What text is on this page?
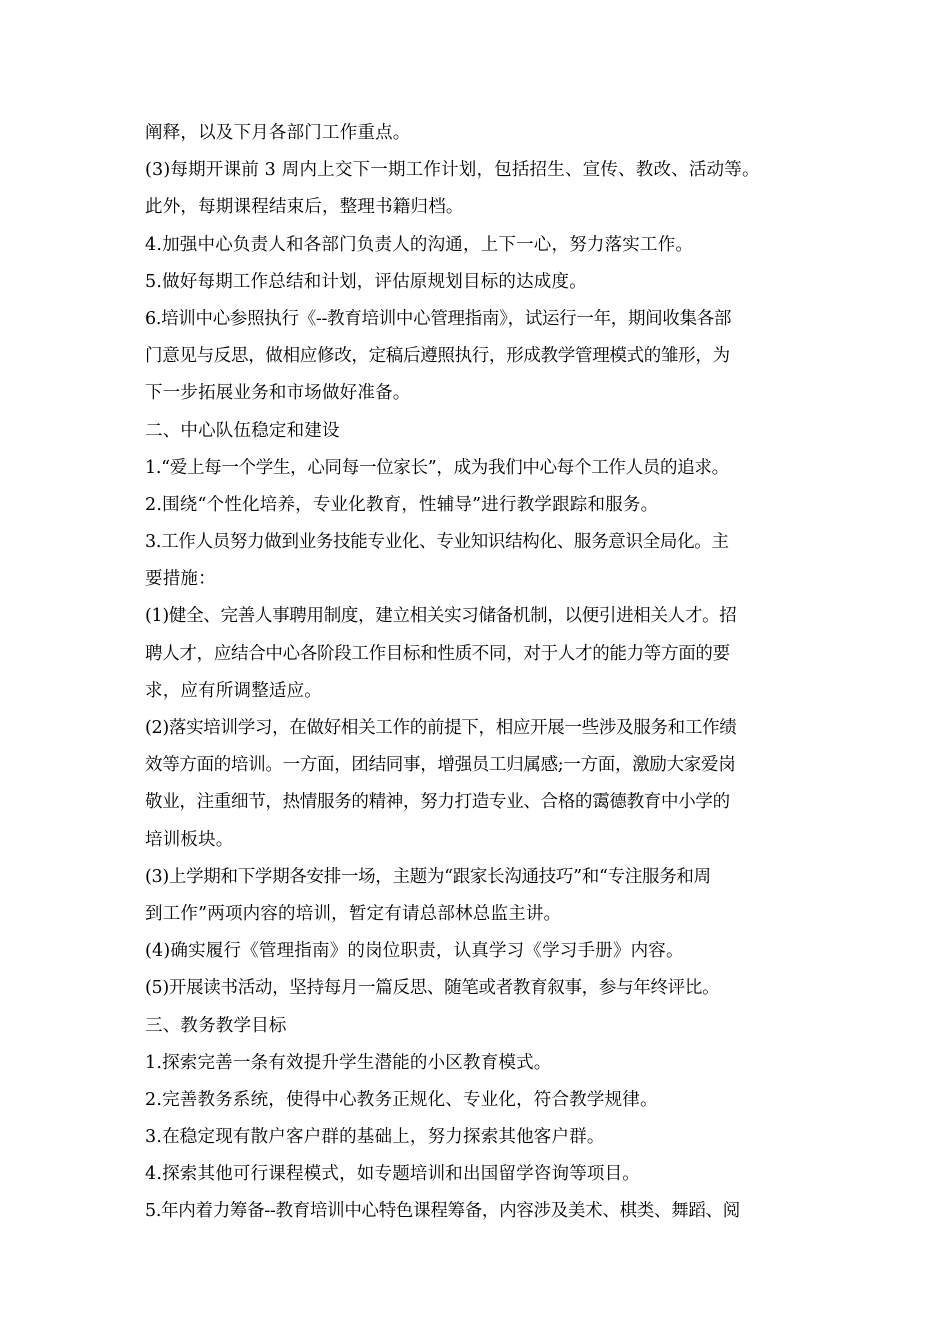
阐释，以及下月各部门工作重点。
(3)每期开课前 3 周内上交下一期工作计划，包括招生、宣传、教改、活动等。
此外，每期课程结束后，整理书籍归档。
4.加强中心负责人和各部门负责人的沟通，上下一心，努力落实工作。
5.做好每期工作总结和计划，评估原规划目标的达成度。
6.培训中心参照执行《--教育培训中心管理指南》，试运行一年，期间收集各部
门意见与反思，做相应修改，定稿后遵照执行，形成教学管理模式的雏形，为
下一步拓展业务和市场做好准备。
二、中心队伍稳定和建设
1.“爱上每一个学生，心同每一位家长”，成为我们中心每个工作人员的追求。
2.围绕“个性化培养，专业化教育，性辅导”进行教学跟踪和服务。
3.工作人员努力做到业务技能专业化、专业知识结构化、服务意识全局化。主
要措施：
(1)健全、完善人事聘用制度，建立相关实习储备机制，以便引进相关人才。招
聘人才，应结合中心各阶段工作目标和性质不同，对于人才的能力等方面的要
求，应有所调整适应。
(2)落实培训学习，在做好相关工作的前提下，相应开展一些涉及服务和工作绩
效等方面的培训。一方面，团结同事，增强员工归属感;一方面，激励大家爱岗
敬业，注重细节，热情服务的精神，努力打造专业、合格的霭德教育中小学的
培训板块。
(3)上学期和下学期各安排一场，主题为“跟家长沟通技巧”和“专注服务和周
到工作”两项内容的培训，暂定有请总部林总监主讲。
(4)确实履行《管理指南》的岗位职责，认真学习《学习手册》内容。
(5)开展读书活动，坚持每月一篇反思、随笔或者教育叙事，参与年终评比。
三、教务教学目标
1.探索完善一条有效提升学生潜能的小区教育模式。
2.完善教务系统，使得中心教务正规化、专业化，符合教学规律。
3.在稳定现有散户客户群的基础上，努力探索其他客户群。
4.探索其他可行课程模式，如专题培训和出国留学咨询等项目。
5.年内着力筹备--教育培训中心特色课程筹备，内容涉及美术、棋类、舞蹈、阅
